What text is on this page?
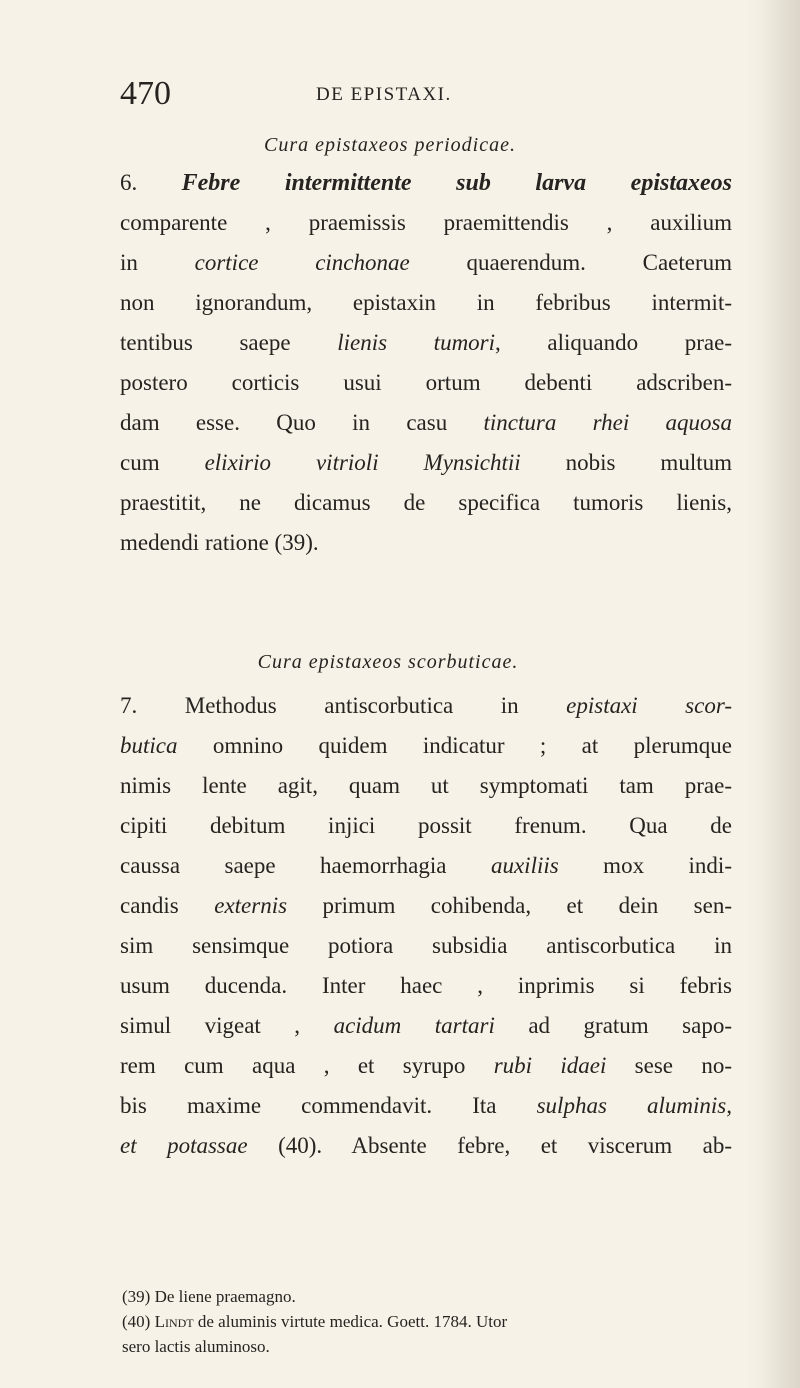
470	DE EPISTAXI.
Cura epistaxeos periodicae.
6. Febre intermittente sub larva epistaxeos
comparente , praemissis praemittendis , auxilium
in cortice cinchonae quaerendum. Caeterum
non ignorandum, epistaxin in febribus intermit-
tentibus saepe lienis tumori, aliquando prae-
postero corticis usui ortum debenti adscriben-
dam esse. Quo in casu tinctura rhei aquosa
cum elixirio vitrioli Mynsichtii nobis multum
praestitit, ne dicamus de specifica tumoris lienis,
medendi ratione (39).
Cura epistaxeos scorbuticae.
7. Methodus antiscorbutica in epistaxi scor-
butica omnino quidem indicatur ; at plerumque
nimis lente agit, quam ut symptomati tam prae-
cipiti debitum injici possit frenum. Qua de
caussa saepe haemorrhagia auxiliis mox indi-
candis externis primum cohibenda, et dein sen-
sim sensimque potiora subsidia antiscorbutica in
usum ducenda. Inter haec , inprimis si febris
simul vigeat , acidum tartari ad gratum sapo-
rem cum aqua , et syrupo rubi idaei sese no-
bis maxime commendavit. Ita sulphas aluminis,
et potassae (40). Absente febre, et viscerum ab-
(39) De liene praemagno.
(40) Lindt de aluminis virtute medica. Goett. 1784. Utor
sero lactis aluminoso.
